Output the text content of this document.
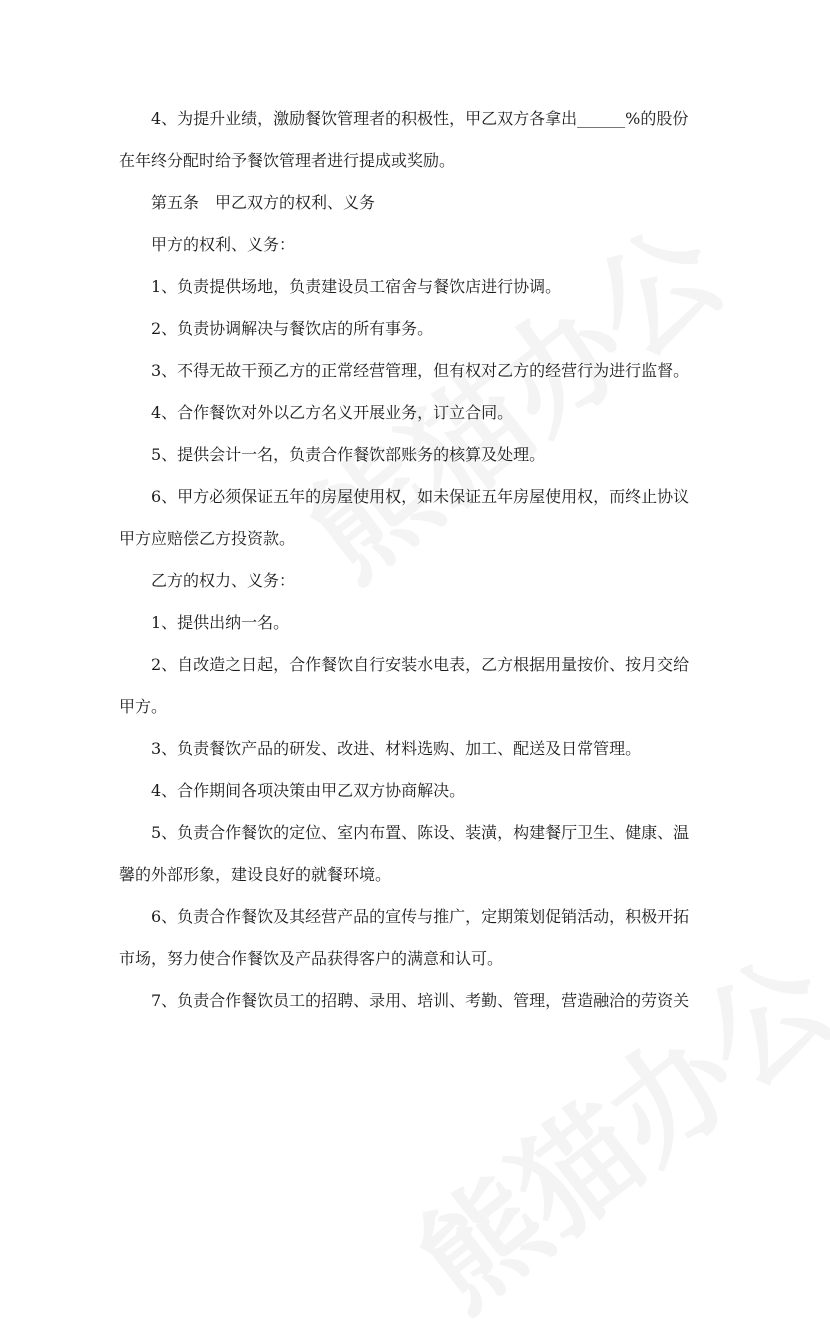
4、为提升业绩，激励餐饮管理者的积极性，甲乙双方各拿出______%的股份

在年终分配时给予餐饮管理者进行提成或奖励。

第五条　甲乙双方的权利、义务

甲方的权利、义务：

1、负责提供场地，负责建设员工宿舍与餐饮店进行协调。

2、负责协调解决与餐饮店的所有事务。

3、不得无故干预乙方的正常经营管理，但有权对乙方的经营行为进行监督。

4、合作餐饮对外以乙方名义开展业务，订立合同。

5、提供会计一名，负责合作餐饮部账务的核算及处理。

6、甲方必须保证五年的房屋使用权，如未保证五年房屋使用权，而终止协议

甲方应赔偿乙方投资款。

乙方的权力、义务：

1、提供出纳一名。

2、自改造之日起，合作餐饮自行安装水电表，乙方根据用量按价、按月交给

甲方。

3、负责餐饮产品的研发、改进、材料选购、加工、配送及日常管理。

4、合作期间各项决策由甲乙双方协商解决。

5、负责合作餐饮的定位、室内布置、陈设、装潢，构建餐厅卫生、健康、温

馨的外部形象，建设良好的就餐环境。

6、负责合作餐饮及其经营产品的宣传与推广，定期策划促销活动，积极开拓

市场，努力使合作餐饮及产品获得客户的满意和认可。

7、负责合作餐饮员工的招聘、录用、培训、考勤、管理，营造融洽的劳资关
